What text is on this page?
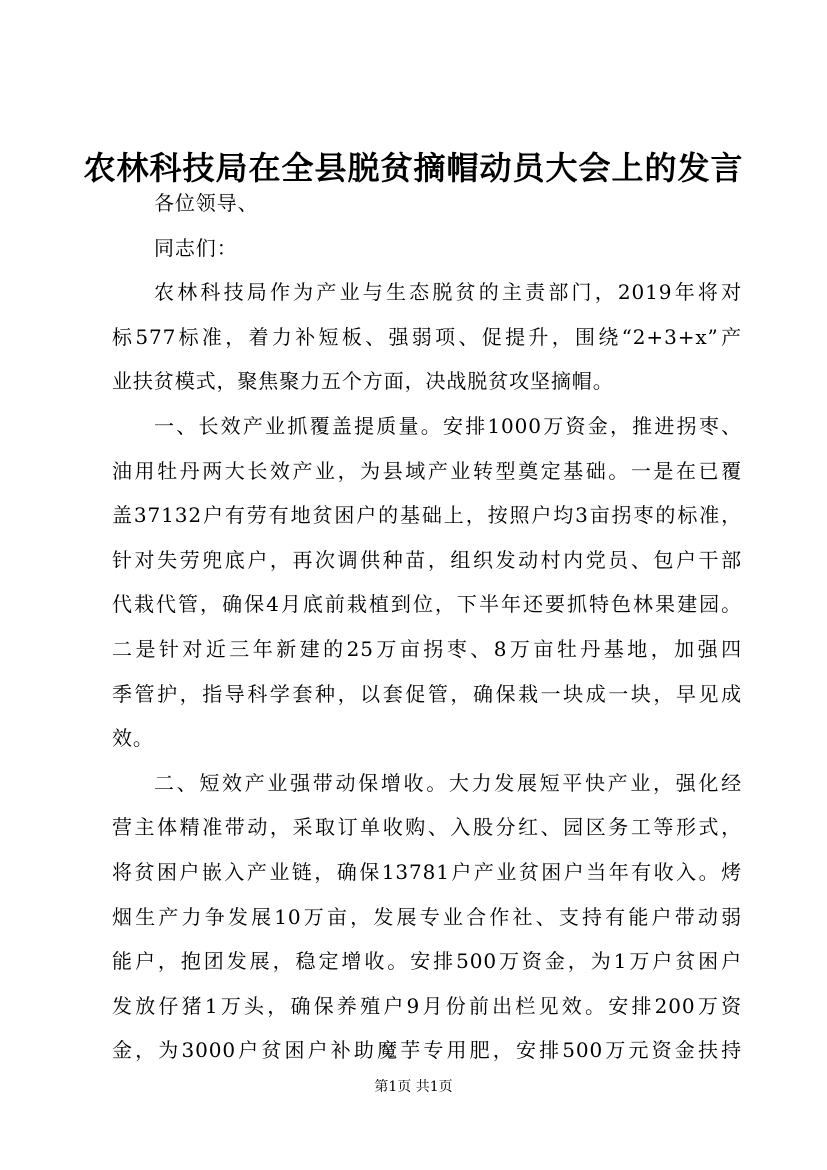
农林科技局在全县脱贫摘帽动员大会上的发言
各位领导、
同志们：
农林科技局作为产业与生态脱贫的主责部门，2019年将对
标577标准，着力补短板、强弱项、促提升，围绕“2+3+x”产
业扶贫模式，聚焦聚力五个方面，决战脱贫攻坚摘帽。
一、长效产业抓覆盖提质量。安排1000万资金，推进拐枣、
油用牡丹两大长效产业，为县域产业转型奠定基础。一是在已覆
盖37132户有劳有地贫困户的基础上，按照户均3亩拐枣的标准，
针对失劳兜底户，再次调供种苗，组织发动村内党员、包户干部
代栽代管，确保4月底前栽植到位，下半年还要抓特色林果建园。
二是针对近三年新建的25万亩拐枣、8万亩牡丹基地，加强四
季管护，指导科学套种，以套促管，确保栽一块成一块，早见成
效。
二、短效产业强带动保增收。大力发展短平快产业，强化经
营主体精准带动，采取订单收购、入股分红、园区务工等形式，
将贫困户嵌入产业链，确保13781户产业贫困户当年有收入。烤
烟生产力争发展10万亩，发展专业合作社、支持有能户带动弱
能户，抱团发展，稳定增收。安排500万资金，为1万户贫困户
发放仔猪1万头，确保养殖户9月份前出栏见效。安排200万资
金，为3000户贫困户补助魔芋专用肥，安排500万元资金扶持
第1页 共1页
